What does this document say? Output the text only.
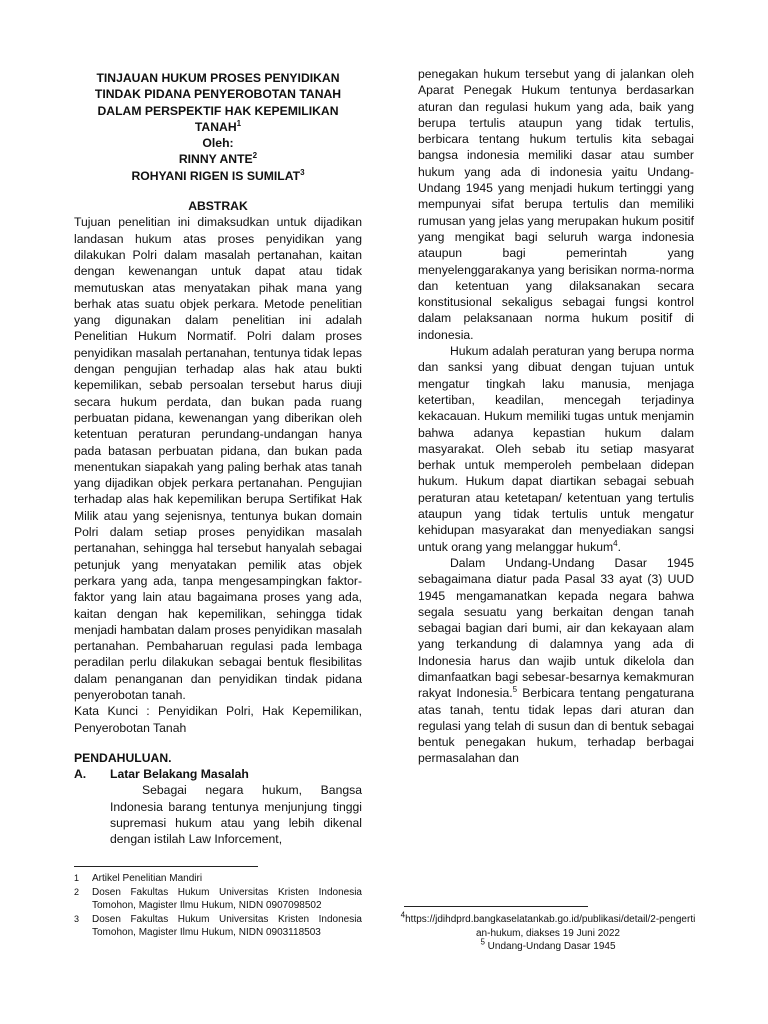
TINJAUAN HUKUM PROSES PENYIDIKAN

TINDAK PIDANA PENYEROBOTAN TANAH

DALAM PERSPEKTIF HAK KEPEMILIKAN TANAH$^1$

Oleh:

RINNY ANTE$^2$

ROHYANI RIGEN IS SUMILAT$^3$

ABSTRAK

Tujuan penelitian ini dimaksudkan untuk dijadikan landasan hukum atas proses penyidikan yang dilakukan Polri dalam masalah pertanahan, kaitan dengan kewenangan untuk dapat atau tidak memutuskan atas menyatakan pihak mana yang berhak atas suatu objek perkara. Metode penelitian yang digunakan dalam penelitian ini adalah Penelitian Hukum Normatif. Polri dalam proses penyidikan masalah pertanahan, tentunya tidak lepas dengan pengujian terhadap alas hak atau bukti kepemilikan, sebab persoalan tersebut harus diuji secara hukum perdata, dan bukan pada ruang perbuatan pidana, kewenangan yang diberikan oleh ketentuan peraturan perundang-undangan hanya pada batasan perbuatan pidana, dan bukan pada menentukan siapakah yang paling berhak atas tanah yang dijadikan objek perkara pertanahan. Pengujian terhadap alas hak kepemilikan berupa Sertifikat Hak Milik atau yang sejenisnya, tentunya bukan domain Polri dalam setiap proses penyidikan masalah pertanahan, sehingga hal tersebut hanyalah sebagai petunjuk yang menyatakan pemilik atas objek perkara yang ada, tanpa mengesampingkan faktor-faktor yang lain atau bagaimana proses yang ada, kaitan dengan hak kepemilikan, sehingga tidak menjadi hambatan dalam proses penyidikan masalah pertanahan. Pembaharuan regulasi pada lembaga peradilan perlu dilakukan sebagai bentuk flesibilitas dalam penanganan dan penyidikan tindak pidana penyerobotan tanah.

Kata Kunci : Penyidikan Polri, Hak Kepemilikan, Penyerobotan Tanah

PENDAHULUAN.
A.	Latar Belakang Masalah

Sebagai negara hukum, Bangsa Indonesia barang tentunya menjunjung tinggi supremasi hukum atau yang lebih dikenal dengan istilah Law Inforcement,

penegakan hukum tersebut yang di jalankan oleh Aparat Penegak Hukum tentunya berdasarkan aturan dan regulasi hukum yang ada, baik yang berupa tertulis ataupun yang tidak tertulis, berbicara tentang hukum tertulis kita sebagai bangsa indonesia memiliki dasar atau sumber hukum yang ada di indonesia yaitu Undang-Undang 1945 yang menjadi hukum tertinggi yang mempunyai sifat berupa tertulis dan memiliki rumusan yang jelas yang merupakan hukum positif yang mengikat bagi seluruh warga indonesia ataupun bagi pemerintah yang menyelenggarakanya yang berisikan norma-norma dan ketentuan yang dilaksanakan secara konstitusional sekaligus sebagai fungsi kontrol dalam pelaksanaan norma hukum positif di indonesia.

Hukum adalah peraturan yang berupa norma dan sanksi yang dibuat dengan tujuan untuk mengatur tingkah laku manusia, menjaga ketertiban, keadilan, mencegah terjadinya kekacauan. Hukum memiliki tugas untuk menjamin bahwa adanya kepastian hukum dalam masyarakat. Oleh sebab itu setiap masyarat berhak untuk memperoleh pembelaan didepan hukum. Hukum dapat diartikan sebagai sebuah peraturan atau ketetapan/ ketentuan yang tertulis ataupun yang tidak tertulis untuk mengatur kehidupan masyarakat dan menyediakan sangsi untuk orang yang melanggar hukum$^4$.

Dalam Undang-Undang Dasar 1945 sebagaimana diatur pada Pasal 33 ayat (3) UUD 1945 mengamanatkan kepada negara bahwa segala sesuatu yang berkaitan dengan tanah sebagai bagian dari bumi, air dan kekayaan alam yang terkandung di dalamnya yang ada di Indonesia harus dan wajib untuk dikelola dan dimanfaatkan bagi sebesar-besarnya kemakmuran rakyat Indonesia.$^5$ Berbicara tentang pengaturana atas tanah, tentu tidak lepas dari aturan dan regulasi yang telah di susun dan di bentuk sebagai bentuk penegakan hukum, terhadap berbagai permasalahan dan

1	Artikel Penelitian Mandiri
2	Dosen Fakultas Hukum Universitas Kristen Indonesia Tomohon, Magister Ilmu Hukum, NIDN 0907098502
3	Dosen Fakultas Hukum Universitas Kristen Indonesia Tomohon, Magister Ilmu Hukum, NIDN 0903118503
$^4$https://jdihdprd.bangkaselatankab.go.id/publikasi/detail/2-pengertian-hukum, diakses 19 Juni 2022
$^5$ Undang-Undang Dasar 1945
